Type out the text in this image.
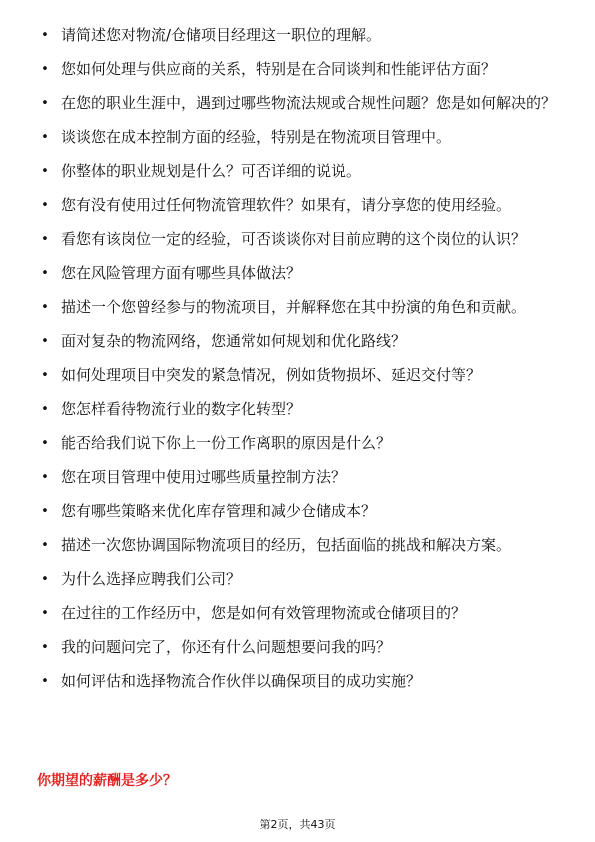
• 请简述您对物流/仓储项目经理这一职位的理解。
• 您如何处理与供应商的关系，特别是在合同谈判和性能评估方面？
• 在您的职业生涯中，遇到过哪些物流法规或合规性问题？您是如何解决的？
• 谈谈您在成本控制方面的经验，特别是在物流项目管理中。
• 你整体的职业规划是什么？可否详细的说说。
• 您有没有使用过任何物流管理软件？如果有，请分享您的使用经验。
• 看您有该岗位一定的经验，可否谈谈你对目前应聘的这个岗位的认识？
• 您在风险管理方面有哪些具体做法？
• 描述一个您曾经参与的物流项目，并解释您在其中扮演的角色和贡献。
• 面对复杂的物流网络，您通常如何规划和优化路线？
• 如何处理项目中突发的紧急情况，例如货物损坏、延迟交付等？
• 您怎样看待物流行业的数字化转型？
• 能否给我们说下你上一份工作离职的原因是什么？
• 您在项目管理中使用过哪些质量控制方法？
• 您有哪些策略来优化库存管理和减少仓储成本？
• 描述一次您协调国际物流项目的经历，包括面临的挑战和解决方案。
• 为什么选择应聘我们公司？
• 在过往的工作经历中，您是如何有效管理物流或仓储项目的？
• 我的问题问完了，你还有什么问题想要问我的吗？
• 如何评估和选择物流合作伙伴以确保项目的成功实施？
你期望的薪酬是多少？
第2页，共43页
